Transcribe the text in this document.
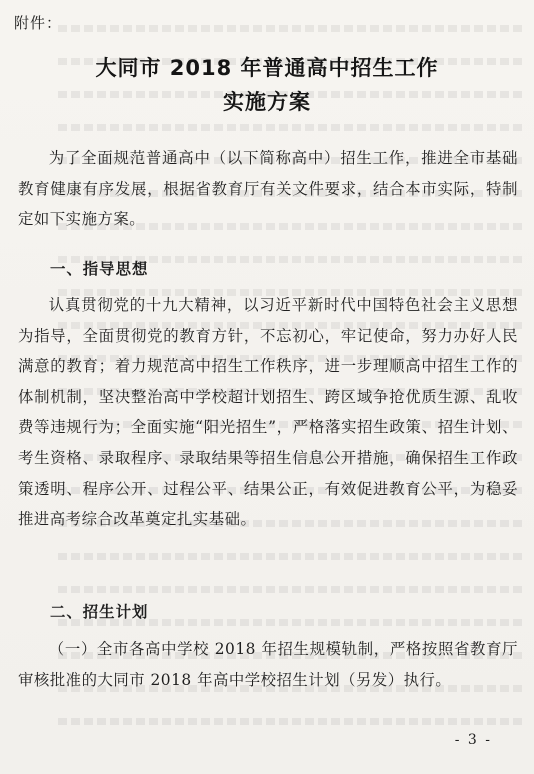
附件：
大同市 2018 年普通高中招生工作
实施方案
为了全面规范普通高中（以下简称高中）招生工作，推进全市基础教育健康有序发展，根据省教育厅有关文件要求，结合本市实际，特制定如下实施方案。
一、指导思想
认真贯彻党的十九大精神，以习近平新时代中国特色社会主义思想为指导，全面贯彻党的教育方针，不忘初心，牢记使命，努力办好人民满意的教育；着力规范高中招生工作秩序，进一步理顺高中招生工作的体制机制，坚决整治高中学校超计划招生、跨区域争抢优质生源、乱收费等违规行为；全面实施“阳光招生”，严格落实招生政策、招生计划、考生资格、录取程序、录取结果等招生信息公开措施，确保招生工作政策透明、程序公开、过程公平、结果公正，有效促进教育公平，为稳妥推进高考综合改革奠定扎实基础。
二、招生计划
（一）全市各高中学校 2018 年招生规模轨制，严格按照省教育厅审核批准的大同市 2018 年高中学校招生计划（另发）执行。
- 3 -
